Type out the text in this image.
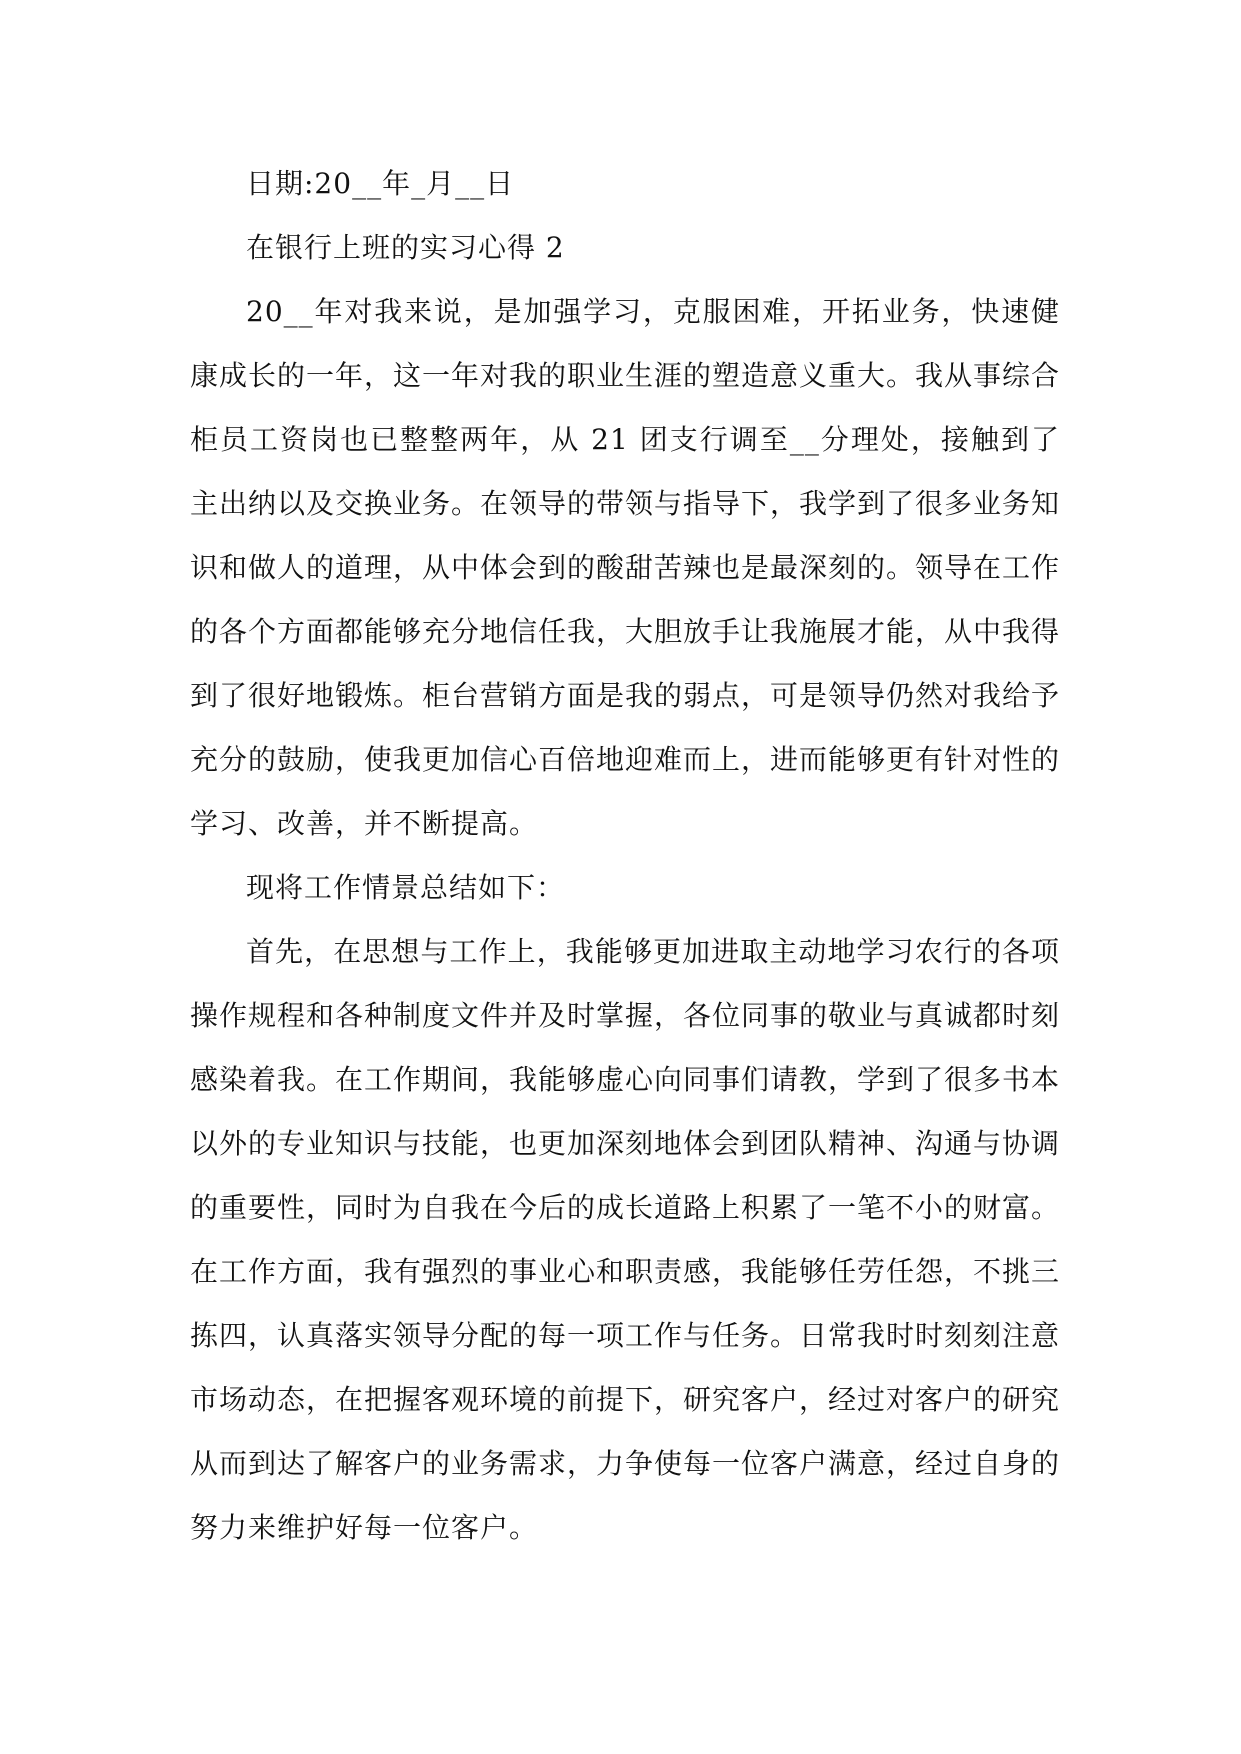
日期:20__年_月__日

在银行上班的实习心得 2

20__年对我来说，是加强学习，克服困难，开拓业务，快速健康成长的一年，这一年对我的职业生涯的塑造意义重大。我从事综合柜员工资岗也已整整两年，从 21 团支行调至__分理处，接触到了主出纳以及交换业务。在领导的带领与指导下，我学到了很多业务知识和做人的道理，从中体会到的酸甜苦辣也是最深刻的。领导在工作的各个方面都能够充分地信任我，大胆放手让我施展才能，从中我得到了很好地锻炼。柜台营销方面是我的弱点，可是领导仍然对我给予充分的鼓励，使我更加信心百倍地迎难而上，进而能够更有针对性的学习、改善，并不断提高。

现将工作情景总结如下：

首先，在思想与工作上，我能够更加进取主动地学习农行的各项操作规程和各种制度文件并及时掌握，各位同事的敬业与真诚都时刻感染着我。在工作期间，我能够虚心向同事们请教，学到了很多书本以外的专业知识与技能，也更加深刻地体会到团队精神、沟通与协调的重要性，同时为自我在今后的成长道路上积累了一笔不小的财富。在工作方面，我有强烈的事业心和职责感，我能够任劳任怨，不挑三拣四，认真落实领导分配的每一项工作与任务。日常我时时刻刻注意市场动态，在把握客观环境的前提下，研究客户，经过对客户的研究从而到达了解客户的业务需求，力争使每一位客户满意，经过自身的努力来维护好每一位客户。
